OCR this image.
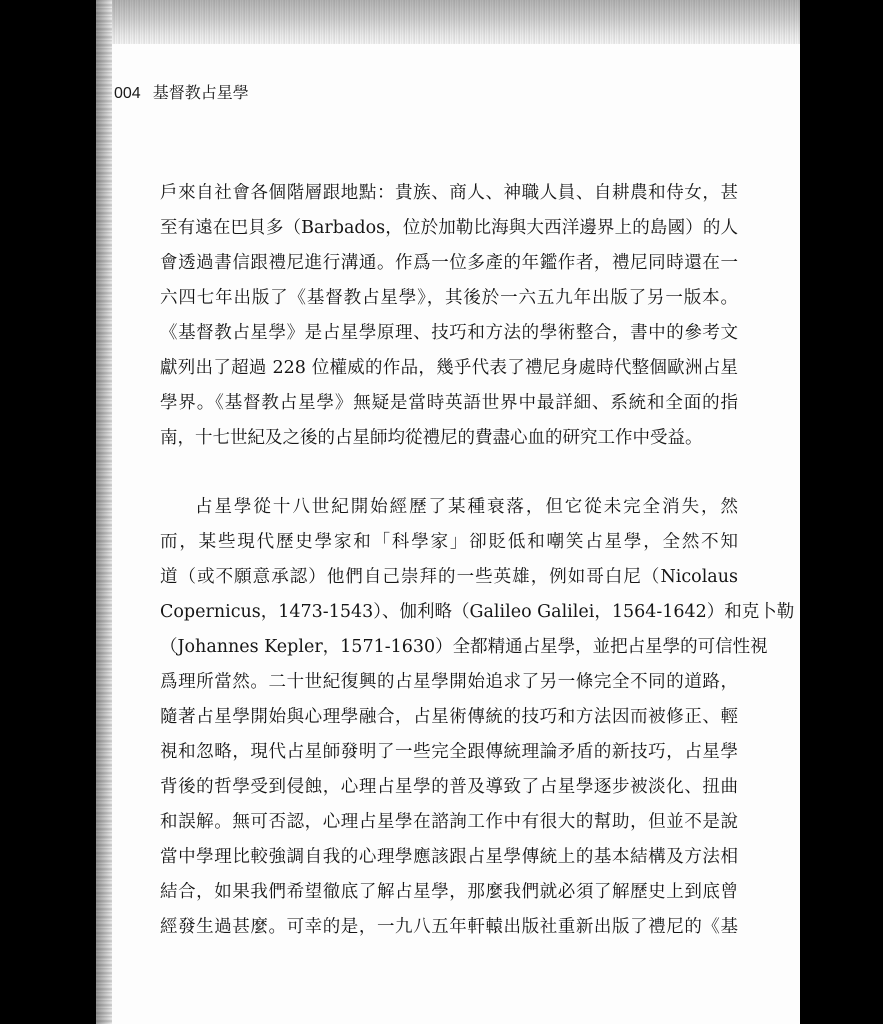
004 基督教占星學
戶來自社會各個階層跟地點：貴族、商人、神職人員、自耕農和侍女，甚
至有遠在巴貝多（Barbados，位於加勒比海與大西洋邊界上的島國）的人
會透過書信跟禮尼進行溝通。作爲一位多產的年鑑作者，禮尼同時還在一
六四七年出版了《基督教占星學》，其後於一六五九年出版了另一版本。
《基督教占星學》是占星學原理、技巧和方法的學術整合，書中的參考文
獻列出了超過 228 位權威的作品，幾乎代表了禮尼身處時代整個歐洲占星
學界。《基督教占星學》無疑是當時英語世界中最詳細、系統和全面的指
南，十七世紀及之後的占星師均從禮尼的費盡心血的研究工作中受益。
占星學從十八世紀開始經歷了某種衰落，但它從未完全消失，然
而，某些現代歷史學家和「科學家」卻貶低和嘲笑占星學，全然不知
道（或不願意承認）他們自己崇拜的一些英雄，例如哥白尼（Nicolaus
Copernicus，1473-1543）、伽利略（Galileo Galilei，1564-1642）和克卜勒
（Johannes Kepler，1571-1630）全都精通占星學，並把占星學的可信性視
爲理所當然。二十世紀復興的占星學開始追求了另一條完全不同的道路，
隨著占星學開始與心理學融合，占星術傳統的技巧和方法因而被修正、輕
視和忽略，現代占星師發明了一些完全跟傳統理論矛盾的新技巧，占星學
背後的哲學受到侵蝕，心理占星學的普及導致了占星學逐步被淡化、扭曲
和誤解。無可否認，心理占星學在諮詢工作中有很大的幫助，但並不是說
當中學理比較強調自我的心理學應該跟占星學傳統上的基本結構及方法相
結合，如果我們希望徹底了解占星學，那麼我們就必須了解歷史上到底曾
經發生過甚麼。可幸的是，一九八五年軒轅出版社重新出版了禮尼的《基
